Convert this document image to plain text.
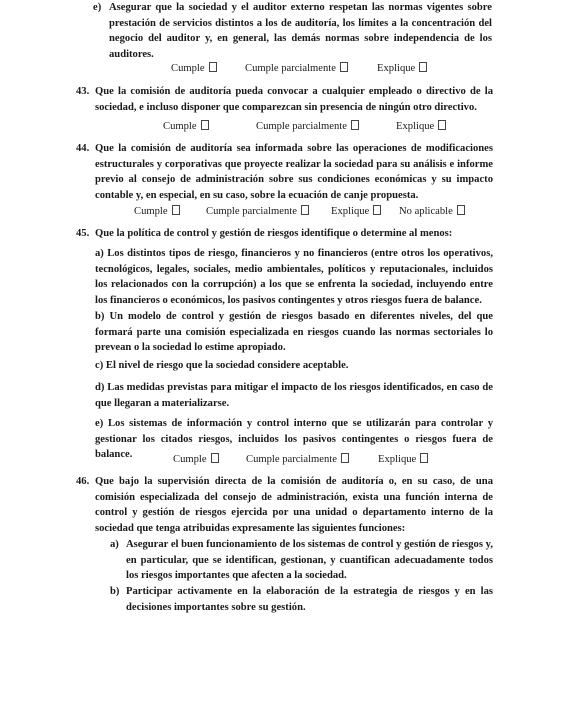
e) Asegurar que la sociedad y el auditor externo respetan las normas vigentes sobre prestación de servicios distintos a los de auditoría, los límites a la concentración del negocio del auditor y, en general, las demás normas sobre independencia de los auditores.
Cumple	Cumple parcialmente	Explique
43. Que la comisión de auditoría pueda convocar a cualquier empleado o directivo de la sociedad, e incluso disponer que comparezcan sin presencia de ningún otro directivo.
Cumple	Cumple parcialmente	Explique
44. Que la comisión de auditoría sea informada sobre las operaciones de modificaciones estructurales y corporativas que proyecte realizar la sociedad para su análisis e informe previo al consejo de administración sobre sus condiciones económicas y su impacto contable y, en especial, en su caso, sobre la ecuación de canje propuesta.
Cumple	Cumple parcialmente	Explique	No aplicable
45. Que la política de control y gestión de riesgos identifique o determine al menos:
a) Los distintos tipos de riesgo, financieros y no financieros (entre otros los operativos, tecnológicos, legales, sociales, medio ambientales, políticos y reputacionales, incluidos los relacionados con la corrupción) a los que se enfrenta la sociedad, incluyendo entre los financieros o económicos, los pasivos contingentes y otros riesgos fuera de balance.
b) Un modelo de control y gestión de riesgos basado en diferentes niveles, del que formará parte una comisión especializada en riesgos cuando las normas sectoriales lo prevean o la sociedad lo estime apropiado.
c) El nivel de riesgo que la sociedad considere aceptable.
d) Las medidas previstas para mitigar el impacto de los riesgos identificados, en caso de que llegaran a materializarse.
e) Los sistemas de información y control interno que se utilizarán para controlar y gestionar los citados riesgos, incluidos los pasivos contingentes o riesgos fuera de balance.	Cumple	Cumple parcialmente	Explique
46. Que bajo la supervisión directa de la comisión de auditoría o, en su caso, de una comisión especializada del consejo de administración, exista una función interna de control y gestión de riesgos ejercida por una unidad o departamento interno de la sociedad que tenga atribuidas expresamente las siguientes funciones:
a) Asegurar el buen funcionamiento de los sistemas de control y gestión de riesgos y, en particular, que se identifican, gestionan, y cuantifican adecuadamente todos los riesgos importantes que afecten a la sociedad.
b) Participar activamente en la elaboración de la estrategia de riesgos y en las decisiones importantes sobre su gestión.
